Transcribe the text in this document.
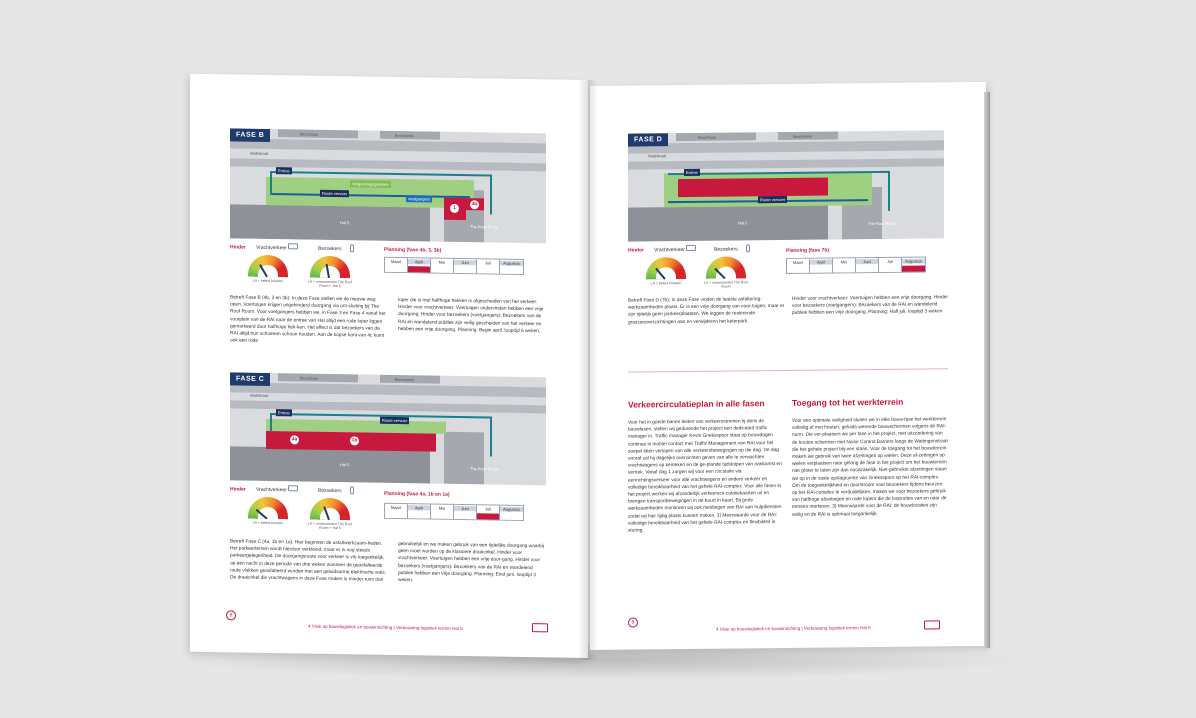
1
4b
FASE B	Beurslaan	Beursplein
Wattstraat
Entree
Vergunningsgrenzen
Route vervoer
voetgangers
Hal 5
The Roof Room
Hinder Vrachtverkeer
LA = beleid bouwen
Bezoekers
LA = omwonenden The Roof Room + Hal 5
Planning (fase 4b, 3, 3b)
Maart	April	Mei	Juni	Juli	Augustus
Betreft Fase B (4b, 3 en 3b): In deze Fase stellen we de nieuwe weg open. Voertuigen krijgen ongehinderd doorgang via ont-sluiting bij The Roof Room. Voor voetgangers hebben we, in Fase 3 en Fase 4 vanaf het voorplein van de RAI naar de entree van Hal altijd een rode loper liggen gemarkeerd door halfhoge hek-ken. Het effect is dat bezoekers van de RAI altijd hun schoenen schoon houden. Aan de kopse kant van 4c komt ook een rode
loper die is met halfhoge hekken is afgescheiden van het verkeer. Hinder voor vrachtverkeer: Voertuigen ondervinden hebben een vrije doorgang. Hinder voor bezoekers (voetgangers): Bezoekers van de RAI en wandelend publiek zijn veilig gescheiden van het verkeer en hebben een vrije doorgang. Planning: Begin april, looptijd 6 weken.
4a	1b
FASE C	Beurslaan	Beursplein
Wattstraat
Entree
Route vervoer
Hal 5
The Roof Room
Hinder Vrachtverkeer
LA = beleid bouwen
Bezoekers
LA = omwonenden The Roof Room + Hal 5
Planning (fase 4a, 1b en 1a)
Maart	April	Mei	Juni	Juli	Augustus
Betreft Fase C (4a, 1b en 1a): Hier beginnen de asfaltwerkzaam-heden. Het parkeerterrein wordt hierdoor verkleind, maar er is nog steeds parkeergelegenheid. De doorgangsroute voor verkeer is vrij toegankelijk, op één nacht in deze periode van drie weken wanneer de geasfalteerde route vlakken geasfalteerd worden met een geluidsarme elektrische wals. De draaicirkel die vrachtwagens in deze Fase maken is minder ruim dan
gebruikelijk en we maken gebruik van een tijdelijke doorgang waarbij geen moet worden op de klassiere draaicirkel. Hinder voor vrachtverkeer: Voertuigen hebben een vrije door-gang. Hinder voor bezoekers (voetgangers): Bezoekers van de RAI en wandelend publiek hebben een vrije doorgang. Planning: Eind juni, looptijd 3 weken.
6
4 Visie op bouwlogistiek en bouwinrichting | Verbouwing logistiek terrein Hal 5
FASE D	Beurslaan	Beursplein
Wattstraat
Entree
Route vervoer
Hal 5	The Roof Room
Hinder Vrachtverkeer
LA = beleid bouwen
Bezoekers
LA = omwonenden The Roof Room
Planning (fase 7b)
Maart	April	Mei	Juni	Juli	Augustus
Betreft Fase D (7b): In deze Fase vinden de laatste asfaltering-werkzaamheden plaats. Er is een vrije doorgang van voor-tuigen, maar er zijn tijdelijk geen parkeerplaatsen. We leggen de resterende graszonoverzichtingen aan en verwijderen het keterpark.
Hinder voor vrachtverkeer: Voertuigen hebben een vrije doorgang. Hinder voor bezoekers (voetgangers): Bezoekers van de RAI en wandelend publiek hebben een vrije doorgang. Planning: Half juli, looptijd 3 weken
Verkeercirculatieplan in alle fasen	Toegang tot het werkterrein
Voor het in goede banen leiden van verkeersstromen tij-dens de bouwfasen, stellen wij gedurende het project een dedicated traffic manager in. Traffic manager Kevin Grieksspoor staat op bouwdagen continue in mobiel contact met Traffic Management van RAI voor het soepel laten verlopen van alle verkeersbewegingen op die dag. De dag vooraf zal hij dagelijks overzichten geven van alle te verwachten vrachtwagens op kenteken en de ge-plande tijdslotpen van aankomst en vertrek. Vanaf dag 1 zorgen wij voor een circulatie via eenrichtingsverkeer voor alle vrachtwagens en andere verkeer en volledige bereikbaarheid van het gehele RAI-complex. Voor alle fasen in het project werken wij afzonderlijk verkeerscir-culatiekaarten uit en brengen transportbewegingen in de buurt in kaart. Bij grote werkzaamheden monitoren wij ook meldingen van RAI aan hulpdiensten zodat wij hier tijdig plaats kunnen maken. 3) Meerwaarde voor de RAI: volledige bereikbaarheid van het gehele RAI-complex en flexibiliteit in sturing.
Voor een optimale veiligheid sluiten we in elke bouw-fase het werkterrein volledig af met houten, geluids-werende bouwschermen volgens de RAI-norm. Die ver-plaatsen we per fase in het project, met uitzondering van de houten schermen met Noise Control Barriers langs de Wattingenstraat die het gehele project blij-ven staan. Voor de toegang tot het bouwterrein maken we gebruik van twee afzettingen op wielen. Deze af-zettingen op wielen verplaatsen naar gelang de fase in het project om het bouwterrein niet groter te laten zijn dan noodzakelijk. Niet-gebruikte afzettingen staan we op in de vaste opslagruimte van Grieksspoor op het RAI-complex. Om de toegankelijkheid en doorstroom voor bezoekers tijdens beurzen op het RAI-complex te verduidelijken, maken we voor bezoekers gebruik van halfhoge afzettingen en rode lopers die de loopruttes van en naar de entrees markeren. 3) Meerwaarde voor de RAI: de bouwlocaties zijn veilig en de RAI is optimaal toegankelijk.
8
4 Visie op bouwlogistiek en bouwinrichting | Verbouwing logistiek terrein Hal 5
